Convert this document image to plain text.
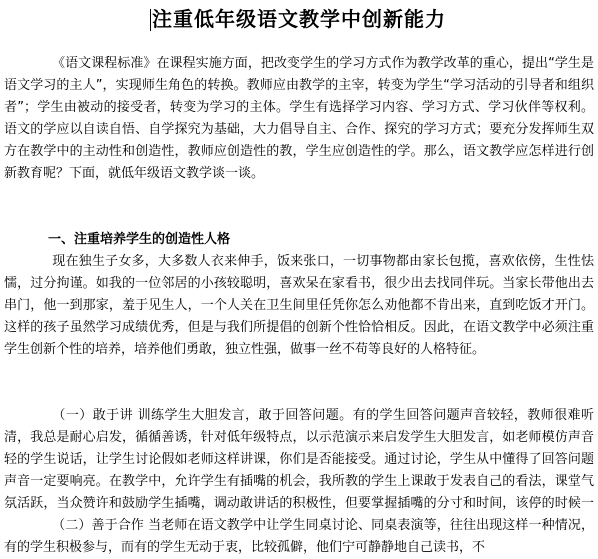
注重低年级语文教学中创新能力
《语文课程标准》在课程实施方面，把改变学生的学习方式作为教学改革的重心，提出“学生是语文学习的主人”，实现师生角色的转换。教师应由教学的主宰，转变为学生“学习活动的引导者和组织者”；学生由被动的接受者，转变为学习的主体。学生有选择学习内容、学习方式、学习伙伴等权利。语文的学应以自读自悟、自学探究为基础，大力倡导自主、合作、探究的学习方式；要充分发挥师生双方在教学中的主动性和创造性，教师应创造性的教，学生应创造性的学。那么，语文教学应怎样进行创新教育呢？下面，就低年级语文教学谈一谈。
一、注重培养学生的创造性人格
现在独生子女多，大多数人衣来伸手，饭来张口，一切事物都由家长包揽，喜欢依傍，生性怯懦，过分拘谨。如我的一位邻居的小孩较聪明，喜欢呆在家看书，很少出去找同伴玩。当家长带他出去串门，他一到那家，羞于见生人，一个人关在卫生间里任凭你怎么劝他都不肯出来，直到吃饭才开门。这样的孩子虽然学习成绩优秀，但是与我们所提倡的创新个性恰恰相反。因此，在语文教学中必须注重学生创新个性的培养，培养他们勇敢，独立性强，做事一丝不苟等良好的人格特征。
（一）敢于讲 训练学生大胆发言，敢于回答问题。有的学生回答问题声音较轻，教师很难听清，我总是耐心启发，循循善诱，针对低年级特点，以示范演示来启发学生大胆发言，如老师模仿声音轻的学生说话，让学生讨论假如老师这样讲课，你们是否能接受。通过讨论，学生从中懂得了回答问题声音一定要响亮。在教学中，允许学生有插嘴的机会，我所教的学生上课敢于发表自己的看法，课堂气氛活跃，当众赞许和鼓励学生插嘴，调动敢讲话的积极性，但要掌握插嘴的分寸和时间，该停的时候一
（二）善于合作 当老师在语文教学中让学生同桌讨论、同桌表演等，往往出现这样一种情况，有的学生积极参与，而有的学生无动于衷，比较孤僻，他们宁可静静地自己读书，不
